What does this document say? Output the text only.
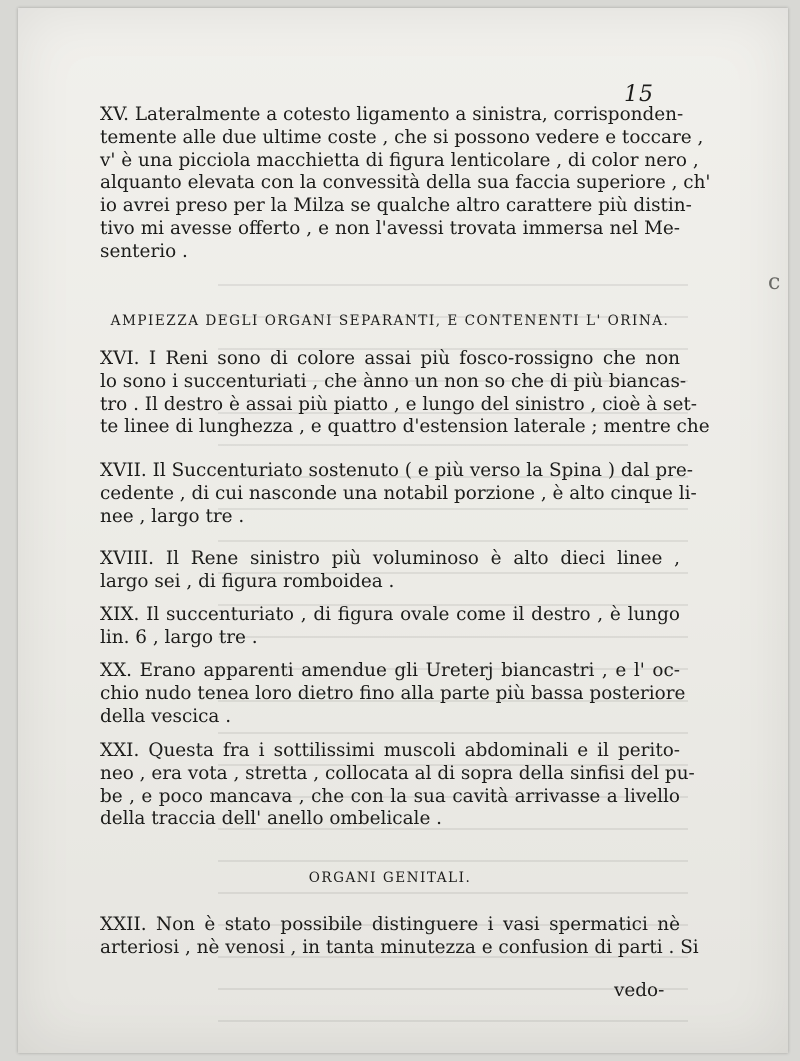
15
c
XV. Lateralmente a cotesto ligamento a sinistra, corrisponden-
temente alle due ultime coste , che si possono vedere e toccare ,
v' è una picciola macchietta di figura lenticolare , di color nero ,
alquanto elevata con la convessità della sua faccia superiore , ch'
io avrei preso per la Milza se qualche altro carattere più distin-
tivo mi avesse offerto , e non l'avessi trovata immersa nel Me-
senterio .
AMPIEZZA DEGLI ORGANI SEPARANTI, E CONTENENTI L' ORINA.
XVI. I Reni sono di colore assai più fosco-rossigno che non
lo sono i succenturiati , che ànno un non so che di più biancas-
tro . Il destro è assai più piatto , e lungo del sinistro , cioè à set-
te linee di lunghezza , e quattro d'estension laterale ; mentre che
XVII. Il Succenturiato sostenuto ( e più verso la Spina ) dal pre-
cedente , di cui nasconde una notabil porzione , è alto cinque li-
nee , largo tre .
XVIII. Il Rene sinistro più voluminoso è alto dieci linee ,
largo sei , di figura romboidea .
XIX. Il succenturiato , di figura ovale come il destro , è lungo
lin. 6 , largo tre .
XX. Erano apparenti amendue gli Ureterj biancastri , e l' oc-
chio nudo tenea loro dietro fino alla parte più bassa posteriore
della vescica .
XXI. Questa fra i sottilissimi muscoli abdominali e il perito-
neo , era vota , stretta , collocata al di sopra della sinfisi del pu-
be , e poco mancava , che con la sua cavità arrivasse a livello
della traccia dell' anello ombelicale .
ORGANI GENITALI.
XXII. Non è stato possibile distinguere i vasi spermatici nè
arteriosi , nè venosi , in tanta minutezza e confusion di parti . Si
vedo-
